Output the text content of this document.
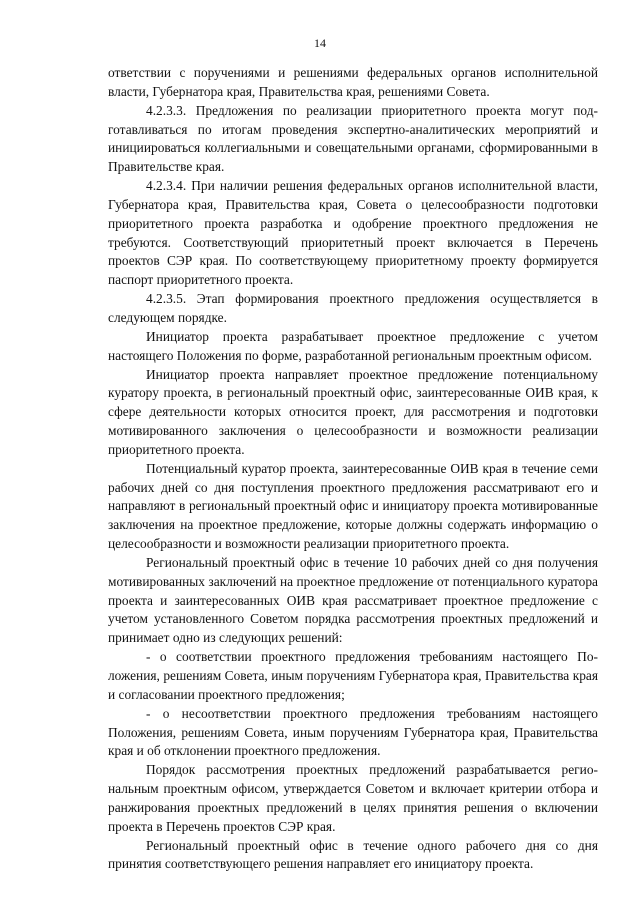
14

ответствии с поручениями и решениями федеральных органов исполнительной власти, Губернатора края, Правительства края, решениями Совета.

4.2.3.3. Предложения по реализации приоритетного проекта могут подготавливаться по итогам проведения экспертно-аналитических мероприятий и инициироваться коллегиальными и совещательными органами, сформированными в Правительстве края.

4.2.3.4. При наличии решения федеральных органов исполнительной власти, Губернатора края, Правительства края, Совета о целесообразности подготовки приоритетного проекта разработка и одобрение проектного предложения не требуются. Соответствующий приоритетный проект включается в Перечень проектов СЭР края. По соответствующему приоритетному проекту формируется паспорт приоритетного проекта.

4.2.3.5. Этап формирования проектного предложения осуществляется в следующем порядке.

Инициатор проекта разрабатывает проектное предложение с учетом настоящего Положения по форме, разработанной региональным проектным офисом.

Инициатор проекта направляет проектное предложение потенциальному куратору проекта, в региональный проектный офис, заинтересованные ОИВ края, к сфере деятельности которых относится проект, для рассмотрения и подготовки мотивированного заключения о целесообразности и возможности реализации приоритетного проекта.

Потенциальный куратор проекта, заинтересованные ОИВ края в течение семи рабочих дней со дня поступления проектного предложения рассматривают его и направляют в региональный проектный офис и инициатору проекта мотивированные заключения на проектное предложение, которые должны содержать информацию о целесообразности и возможности реализации приоритетного проекта.

Региональный проектный офис в течение 10 рабочих дней со дня получения мотивированных заключений на проектное предложение от потенциального куратора проекта и заинтересованных ОИВ края рассматривает проектное предложение с учетом установленного Советом порядка рассмотрения проектных предложений и принимает одно из следующих решений:

- о соответствии проектного предложения требованиям настоящего Положения, решениям Совета, иным поручениям Губернатора края, Правительства края и согласовании проектного предложения;

- о несоответствии проектного предложения требованиям настоящего Положения, решениям Совета, иным поручениям Губернатора края, Правительства края и об отклонении проектного предложения.

Порядок рассмотрения проектных предложений разрабатывается региональным проектным офисом, утверждается Советом и включает критерии отбора и ранжирования проектных предложений в целях принятия решения о включении проекта в Перечень проектов СЭР края.

Региональный проектный офис в течение одного рабочего дня со дня принятия соответствующего решения направляет его инициатору проекта.
